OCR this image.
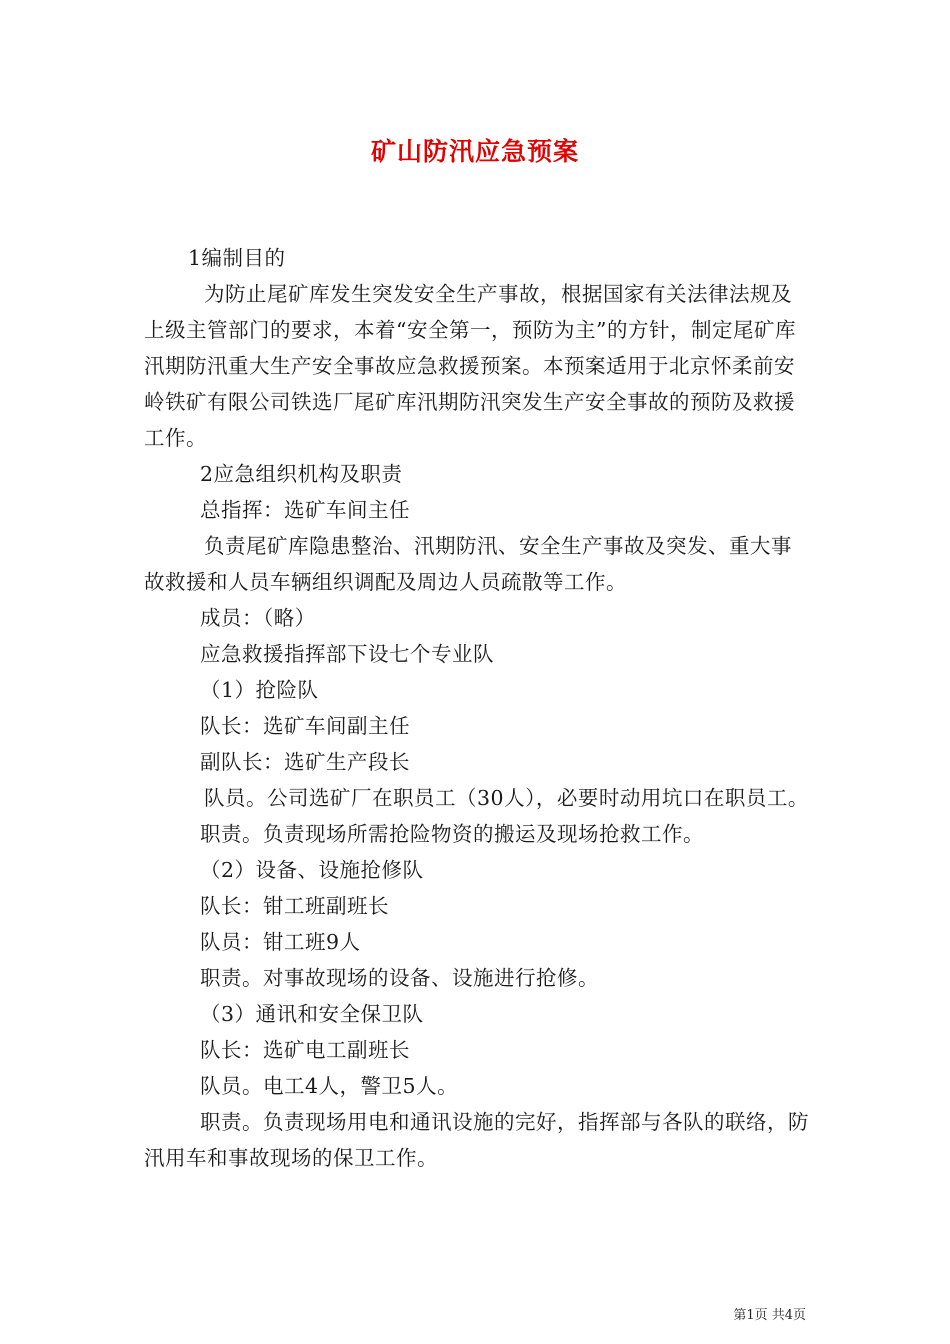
矿山防汛应急预案

1编制目的

为防止尾矿库发生突发安全生产事故，根据国家有关法律法规及上级主管部门的要求，本着“安全第一，预防为主”的方针，制定尾矿库汛期防汛重大生产安全事故应急救援预案。本预案适用于北京怀柔前安岭铁矿有限公司铁选厂尾矿库汛期防汛突发生产安全事故的预防及救援工作。

2应急组织机构及职责

总指挥：选矿车间主任

负责尾矿库隐患整治、汛期防汛、安全生产事故及突发、重大事故救援和人员车辆组织调配及周边人员疏散等工作。

成员：（略）

应急救援指挥部下设七个专业队

（1）抢险队

队长：选矿车间副主任

副队长：选矿生产段长

队员。公司选矿厂在职员工（30人），必要时动用坑口在职员工。

职责。负责现场所需抢险物资的搬运及现场抢救工作。

（2）设备、设施抢修队

队长：钳工班副班长

队员：钳工班9人

职责。对事故现场的设备、设施进行抢修。

（3）通讯和安全保卫队

队长：选矿电工副班长

队员。电工4人，警卫5人。

职责。负责现场用电和通讯设施的完好，指挥部与各队的联络，防汛用车和事故现场的保卫工作。

第1页 共4页
